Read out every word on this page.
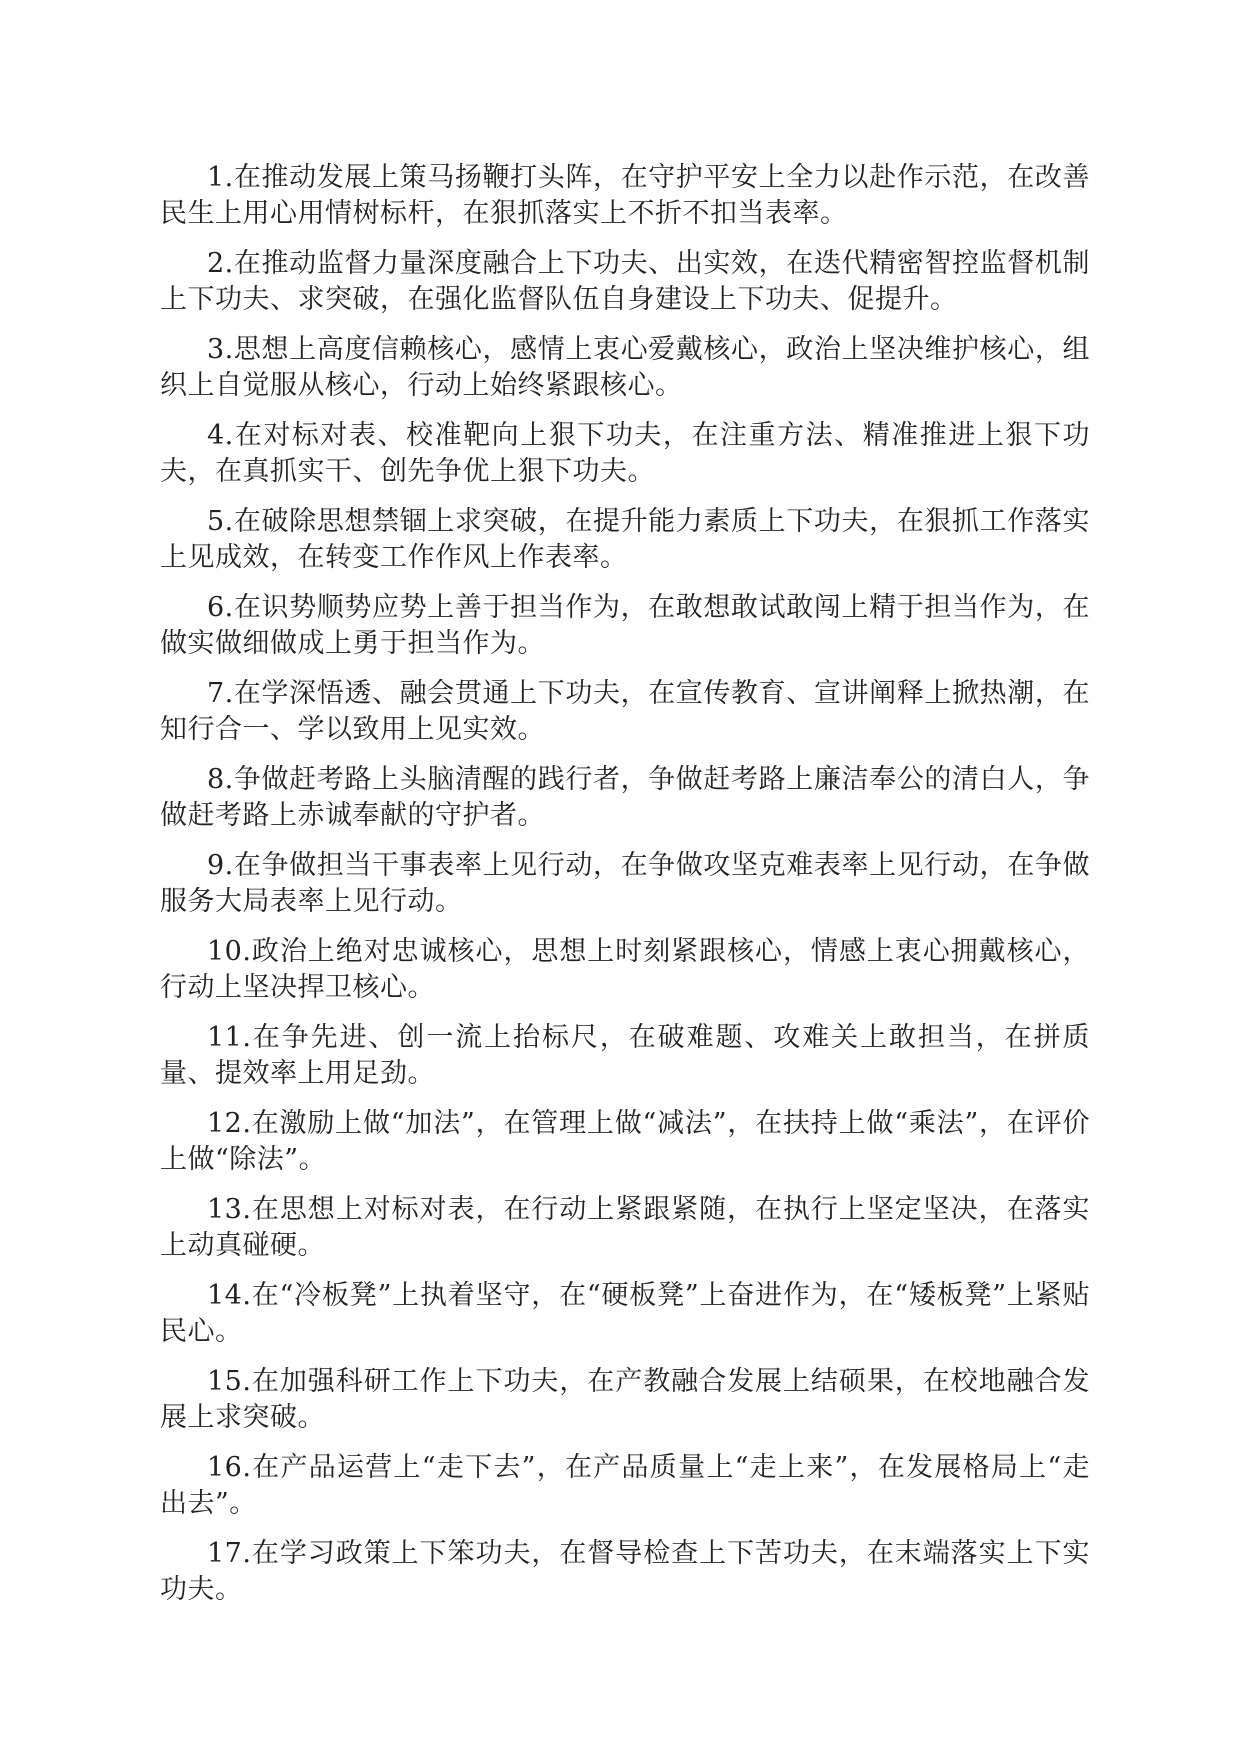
1.在推动发展上策马扬鞭打头阵，在守护平安上全力以赴作示范，在改善民生上用心用情树标杆，在狠抓落实上不折不扣当表率。

2.在推动监督力量深度融合上下功夫、出实效，在迭代精密智控监督机制上下功夫、求突破，在强化监督队伍自身建设上下功夫、促提升。

3.思想上高度信赖核心，感情上衷心爱戴核心，政治上坚决维护核心，组织上自觉服从核心，行动上始终紧跟核心。

4.在对标对表、校准靶向上狠下功夫，在注重方法、精准推进上狠下功夫，在真抓实干、创先争优上狠下功夫。

5.在破除思想禁锢上求突破，在提升能力素质上下功夫，在狠抓工作落实上见成效，在转变工作作风上作表率。

6.在识势顺势应势上善于担当作为，在敢想敢试敢闯上精于担当作为，在做实做细做成上勇于担当作为。

7.在学深悟透、融会贯通上下功夫，在宣传教育、宣讲阐释上掀热潮，在知行合一、学以致用上见实效。

8.争做赶考路上头脑清醒的践行者，争做赶考路上廉洁奉公的清白人，争做赶考路上赤诚奉献的守护者。

9.在争做担当干事表率上见行动，在争做攻坚克难表率上见行动，在争做服务大局表率上见行动。

10.政治上绝对忠诚核心，思想上时刻紧跟核心，情感上衷心拥戴核心，行动上坚决捍卫核心。

11.在争先进、创一流上抬标尺，在破难题、攻难关上敢担当，在拼质量、提效率上用足劲。

12.在激励上做“加法”，在管理上做“减法”，在扶持上做“乘法”，在评价上做“除法”。

13.在思想上对标对表，在行动上紧跟紧随，在执行上坚定坚决，在落实上动真碰硬。

14.在“冷板凳”上执着坚守，在“硬板凳”上奋进作为，在“矮板凳”上紧贴民心。

15.在加强科研工作上下功夫，在产教融合发展上结硕果，在校地融合发展上求突破。

16.在产品运营上“走下去”，在产品质量上“走上来”，在发展格局上“走出去”。

17.在学习政策上下笨功夫，在督导检查上下苦功夫，在末端落实上下实功夫。
